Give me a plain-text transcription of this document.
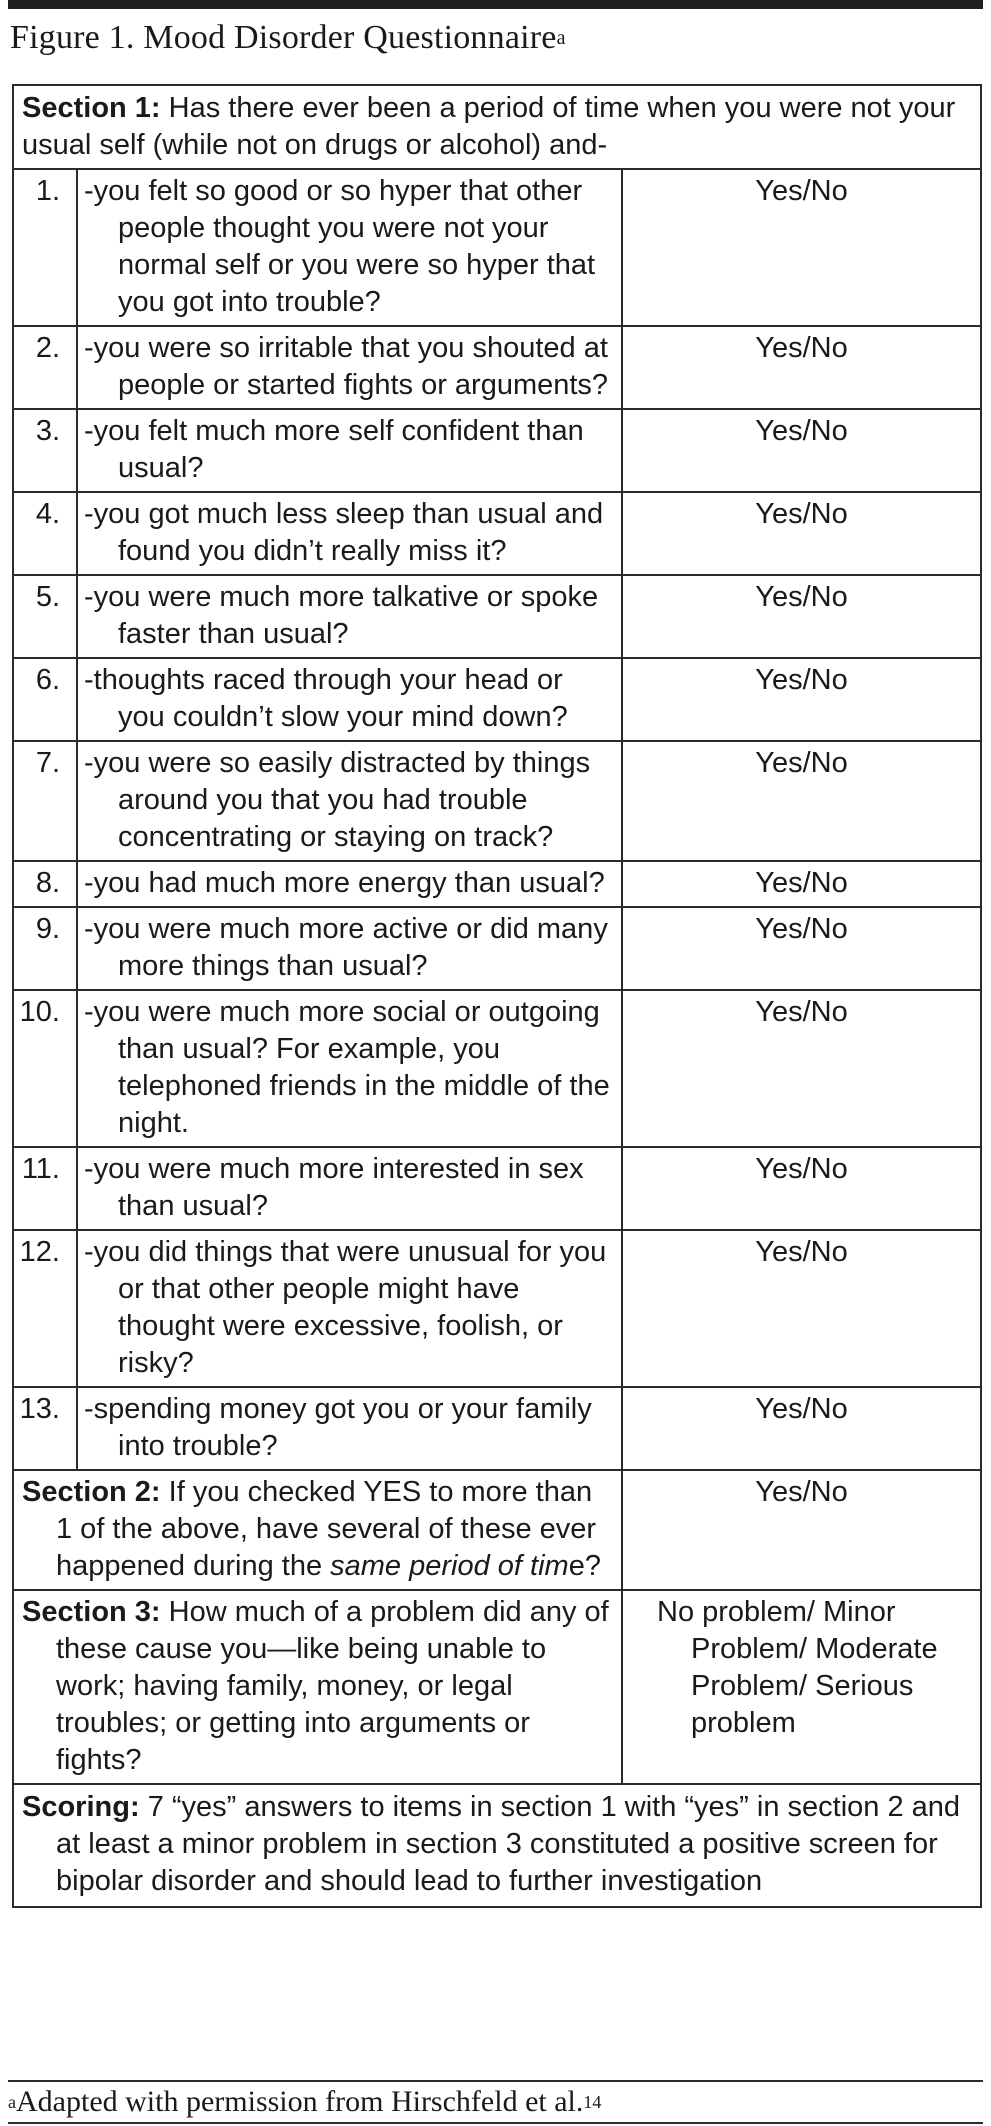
Figure 1. Mood Disorder Questionnaire$^a$
Section 1: Has there ever been a period of time when you were not your usual self (while not on drugs or alcohol) and-		
1.	-you felt so good or so hyper that other people thought you were not your normal self or you were so hyper that you got into trouble?	Yes/No
2.	-you were so irritable that you shouted at people or started fights or arguments?	Yes/No
3.	-you felt much more self confident than usual?	Yes/No
4.	-you got much less sleep than usual and found you didn’t really miss it?	Yes/No
5.	-you were much more talkative or spoke faster than usual?	Yes/No
6.	-thoughts raced through your head or you couldn’t slow your mind down?	Yes/No
7.	-you were so easily distracted by things around you that you had trouble concentrating or staying on track?	Yes/No
8.	-you had much more energy than usual?	Yes/No
9.	-you were much more active or did many more things than usual?	Yes/No
10.	-you were much more social or outgoing than usual? For example, you telephoned friends in the middle of the night.	Yes/No
11.	-you were much more interested in sex than usual?	Yes/No
12.	-you did things that were unusual for you or that other people might have thought were excessive, foolish, or risky?	Yes/No
13.	-spending money got you or your family into trouble?	Yes/No

Section 2: If you checked YES to more than 1 of the above, have several of these ever happened during the same period of time?		Yes/No

Section 3: How much of a problem did any of these cause you—like being unable to work; having family, money, or legal troubles; or getting into arguments or fights?		No problem/ Minor Problem/ Moderate Problem/ Serious problem

Scoring: 7 “yes” answers to items in section 1 with “yes” in section 2 and at least a minor problem in section 3 constituted a positive screen for bipolar disorder and should lead to further investigation		
$^a$Adapted with permission from Hirschfeld et al.$^{14}$
